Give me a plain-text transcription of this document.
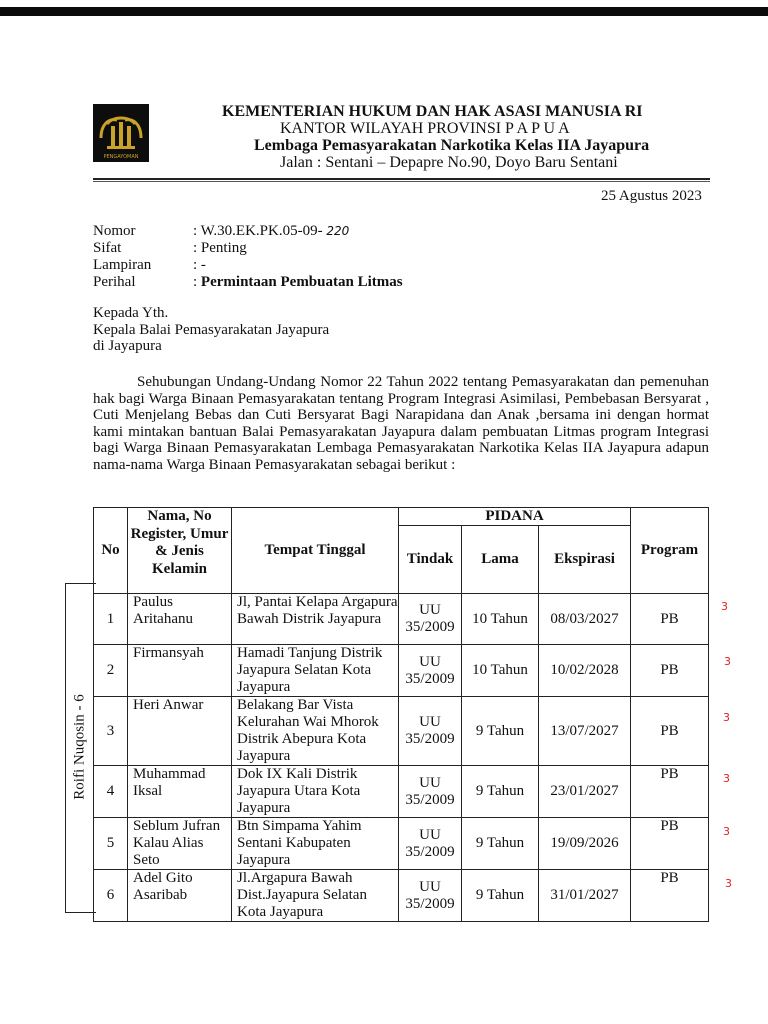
PENGAYOMAN
KEMENTERIAN HUKUM DAN HAK ASASI MANUSIA RI
KANTOR WILAYAH PROVINSI P A P U A
Lembaga Pemasyarakatan Narkotika Kelas IIA Jayapura
Jalan : Sentani – Depapre No.90, Doyo Baru Sentani
25 Agustus 2023
Nomor	: W.30.EK.PK.05-09- 220
Sifat	: Penting
Lampiran	: -
Perihal	: Permintaan Pembuatan Litmas
Kepada Yth.
Kepala Balai Pemasyarakatan Jayapura
di Jayapura
Sehubungan Undang-Undang Nomor 22 Tahun 2022 tentang Pemasyarakatan dan pemenuhan hak bagi Warga Binaan Pemasyarakatan tentang Program Integrasi Asimilasi, Pembebasan Bersyarat , Cuti Menjelang Bebas dan Cuti Bersyarat Bagi Narapidana dan Anak ,bersama ini dengan hormat kami mintakan bantuan Balai Pemasyarakatan Jayapura dalam pembuatan Litmas program Integrasi bagi Warga Binaan Pemasyarakatan Lembaga Pemasyarakatan Narkotika Kelas IIA Jayapura adapun nama-nama Warga Binaan Pemasyarakatan sebagai berikut :
No	Nama, No Register, Umur & Jenis Kelamin	Tempat Tinggal	PIDANA			Program
			Tindak	Lama	Ekspirasi	
1	Paulus Aritahanu	Jl, Pantai Kelapa Argapura Bawah Distrik Jayapura	UU 35/2009	10 Tahun	08/03/2027	PB
2	Firmansyah	Hamadi Tanjung Distrik Jayapura Selatan Kota Jayapura	UU 35/2009	10 Tahun	10/02/2028	PB
3	Heri Anwar	Belakang Bar Vista Kelurahan Wai Mhorok Distrik Abepura Kota Jayapura	UU 35/2009	9 Tahun	13/07/2027	PB
4	Muhammad Iksal	Dok IX Kali Distrik Jayapura Utara Kota Jayapura	UU 35/2009	9 Tahun	23/01/2027	PB
5	Seblum Jufran Kalau Alias Seto	Btn Simpama Yahim Sentani Kabupaten Jayapura	UU 35/2009	9 Tahun	19/09/2026	PB
6	Adel Gito Asaribab	Jl.Argapura Bawah Dist.Jayapura Selatan Kota Jayapura	UU 35/2009	9 Tahun	31/01/2027	PB
Roifi Nuqosin - 6
3
3
3
3
3
3
